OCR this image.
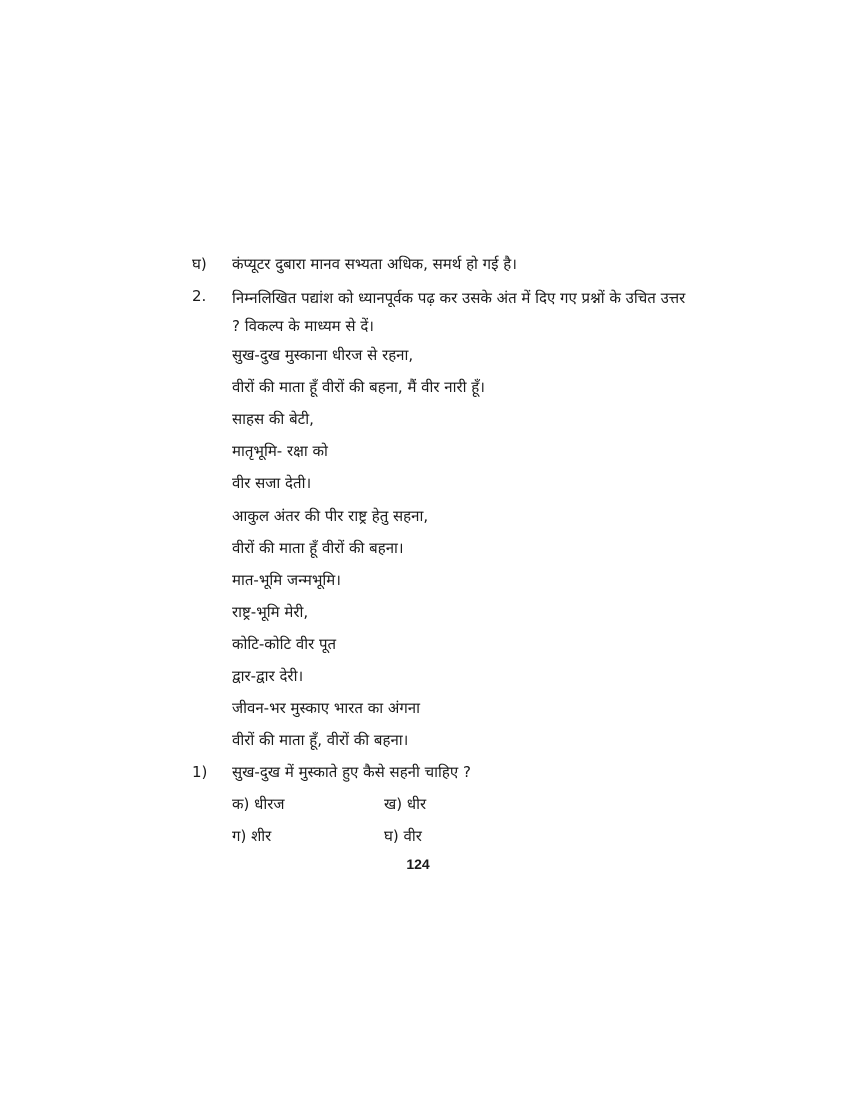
घ)	कंप्यूटर दुबारा मानव सभ्यता अधिक, समर्थ हो गई है।
2.	निम्नलिखित पद्यांश को ध्यानपूर्वक पढ़ कर उसके अंत में दिए गए प्रश्नों के उचित उत्तर ? विकल्प के माध्यम से दें।
सुख-दुख मुस्काना धीरज से रहना,
वीरों की माता हूँ वीरों की बहना, मैं वीर नारी हूँ।
साहस की बेटी,
मातृभूमि- रक्षा को
वीर सजा देती।
आकुल अंतर की पीर राष्ट्र हेतु सहना,
वीरों की माता हूँ वीरों की बहना।
मात-भूमि जन्मभूमि।
राष्ट्र-भूमि मेरी,
कोटि-कोटि वीर पूत
द्वार-द्वार देरी।
जीवन-भर मुस्काए भारत का अंगना
वीरों की माता हूँ, वीरों की बहना।
1)	सुख-दुख में मुस्काते हुए कैसे सहनी चाहिए ?
क) धीरज	ख) धीर
ग) शीर	घ) वीर
124
